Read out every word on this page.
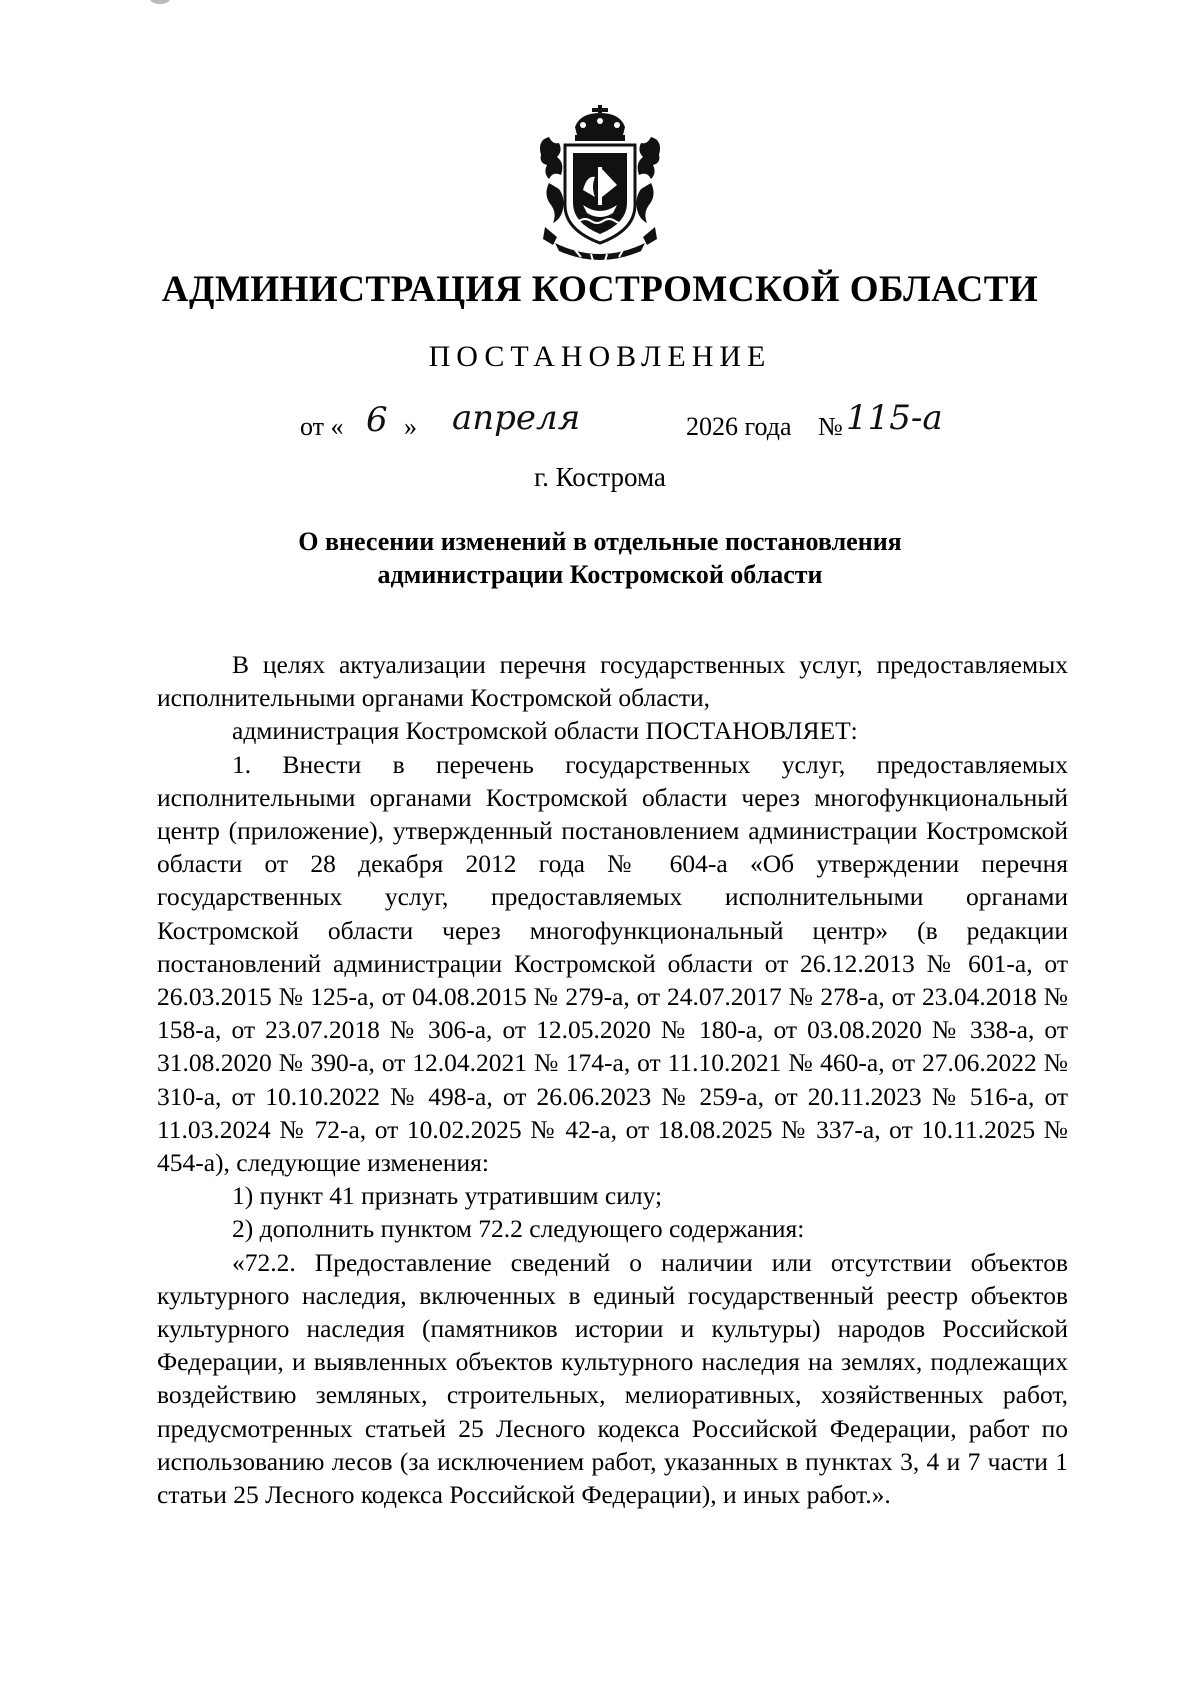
АДМИНИСТРАЦИЯ КОСТРОМСКОЙ ОБЛАСТИ
ПОСТАНОВЛЕНИЕ
от « 6 » апреля	2026 года № 115-а
г. Кострома
О внесении изменений в отдельные постановления
администрации Костромской области

В целях актуализации перечня государственных услуг, предоставляемых исполнительными органами Костромской области,

администрация Костромской области ПОСТАНОВЛЯЕТ:

1. Внести в перечень государственных услуг, предоставляемых исполнительными органами Костромской области через многофункциональный центр (приложение), утвержденный постановлением администрации Костромской области от 28 декабря 2012 года № 604-а «Об утверждении перечня государственных услуг, предоставляемых исполнительными органами Костромской области через многофункциональный центр» (в редакции постановлений администрации Костромской области от 26.12.2013 № 601-а, от 26.03.2015 № 125-а, от 04.08.2015 № 279-а, от 24.07.2017 № 278-а, от 23.04.2018 № 158-а, от 23.07.2018 № 306-а, от 12.05.2020 № 180-а, от 03.08.2020 № 338-а, от 31.08.2020 № 390-а, от 12.04.2021 № 174-а, от 11.10.2021 № 460-а, от 27.06.2022 № 310-а, от 10.10.2022 № 498-а, от 26.06.2023 № 259-а, от 20.11.2023 № 516-а, от 11.03.2024 № 72-а, от 10.02.2025 № 42-а, от 18.08.2025 № 337-а, от 10.11.2025 № 454-а), следующие изменения:

1) пункт 41 признать утратившим силу;

2) дополнить пунктом 72.2 следующего содержания:

«72.2. Предоставление сведений о наличии или отсутствии объектов культурного наследия, включенных в единый государственный реестр объектов культурного наследия (памятников истории и культуры) народов Российской Федерации, и выявленных объектов культурного наследия на землях, подлежащих воздействию земляных, строительных, мелиоративных, хозяйственных работ, предусмотренных статьей 25 Лесного кодекса Российской Федерации, работ по использованию лесов (за исключением работ, указанных в пунктах 3, 4 и 7 части 1 статьи 25 Лесного кодекса Российской Федерации), и иных работ.».
